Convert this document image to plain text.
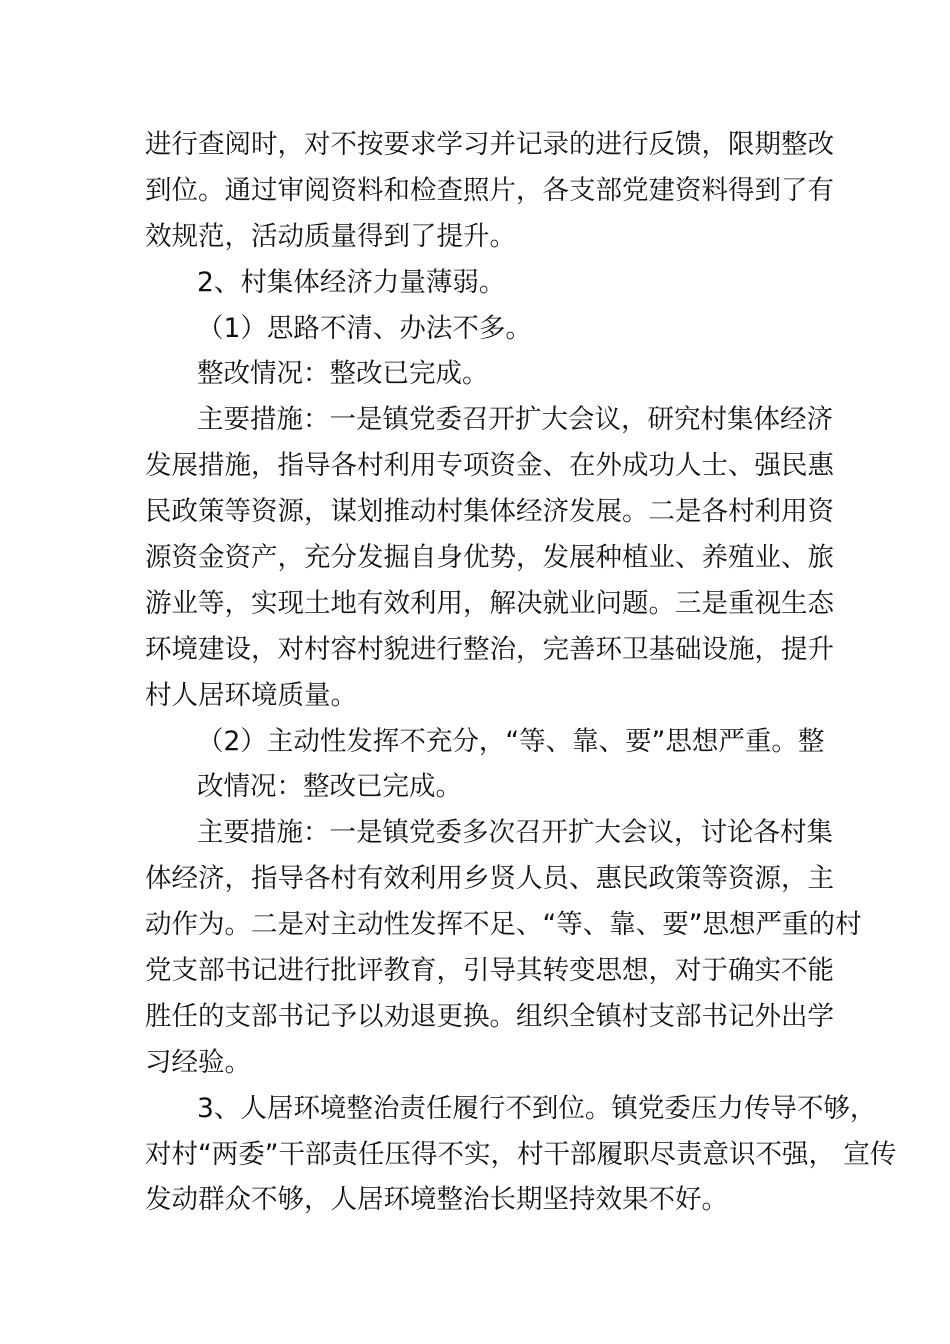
进行查阅时，对不按要求学习并记录的进行反馈，限期整改
到位。通过审阅资料和检查照片，各支部党建资料得到了有
效规范，活动质量得到了提升。
2、村集体经济力量薄弱。
（1）思路不清、办法不多。
整改情况：整改已完成。
主要措施：一是镇党委召开扩大会议，研究村集体经济
发展措施，指导各村利用专项资金、在外成功人士、强民惠
民政策等资源，谋划推动村集体经济发展。二是各村利用资
源资金资产，充分发掘自身优势，发展种植业、养殖业、旅
游业等，实现土地有效利用，解决就业问题。三是重视生态
环境建设，对村容村貌进行整治，完善环卫基础设施，提升
村人居环境质量。
（2）主动性发挥不充分，“等、靠、要”思想严重。整
改情况：整改已完成。
主要措施：一是镇党委多次召开扩大会议，讨论各村集
体经济，指导各村有效利用乡贤人员、惠民政策等资源，主
动作为。二是对主动性发挥不足、“等、靠、要”思想严重的村
党支部书记进行批评教育，引导其转变思想，对于确实不能
胜任的支部书记予以劝退更换。组织全镇村支部书记外出学
习经验。
3、人居环境整治责任履行不到位。镇党委压力传导不够，
对村“两委”干部责任压得不实，村干部履职尽责意识不强， 宣传
发动群众不够，人居环境整治长期坚持效果不好。
